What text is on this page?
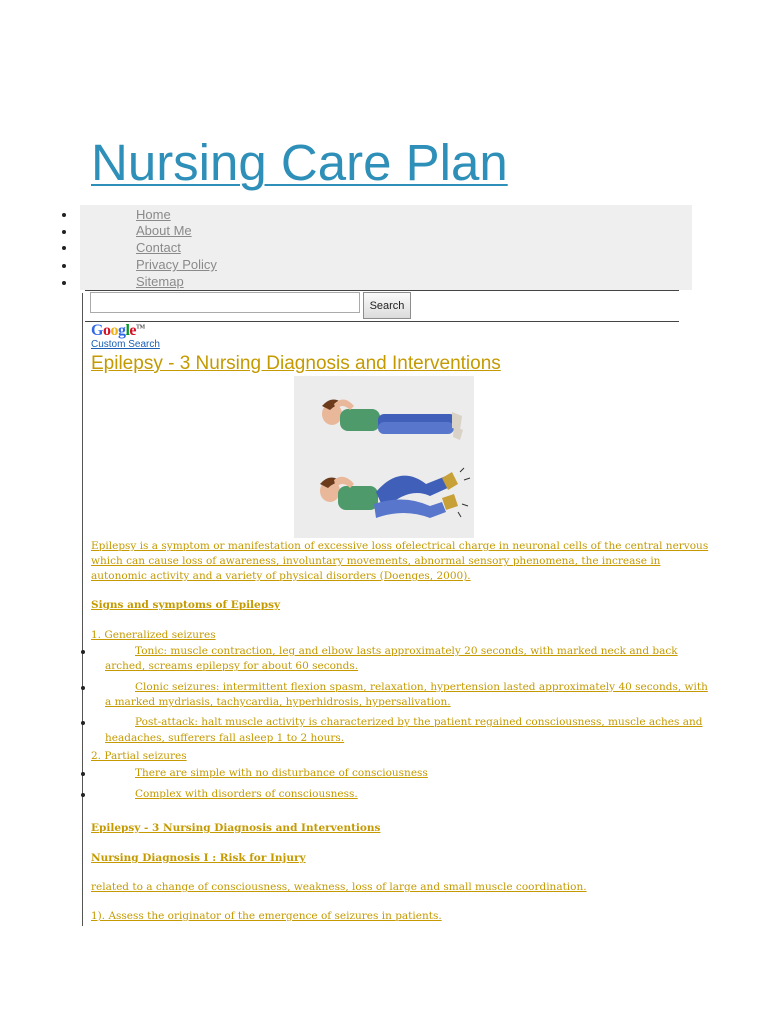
Nursing Care Plan
Home
About Me
Contact
Privacy Policy
Sitemap
Search
Google™
Custom Search
Epilepsy - 3 Nursing Diagnosis and Interventions
Epilepsy is a symptom or manifestation of excessive loss ofelectrical charge in neuronal cells of the central nervous
which can cause loss of awareness, involuntary movements, abnormal sensory phenomena, the increase in
autonomic activity and a variety of physical disorders (Doenges, 2000).
Signs and symptoms of Epilepsy
1. Generalized seizures
Tonic: muscle contraction, leg and elbow lasts approximately 20 seconds, with marked neck and back
arched, screams epilepsy for about 60 seconds.
Clonic seizures: intermittent flexion spasm, relaxation, hypertension lasted approximately 40 seconds, with
a marked mydriasis, tachycardia, hyperhidrosis, hypersalivation.
Post-attack: halt muscle activity is characterized by the patient regained consciousness, muscle aches and
headaches, sufferers fall asleep 1 to 2 hours.
2. Partial seizures
There are simple with no disturbance of consciousness
Complex with disorders of consciousness.
Epilepsy - 3 Nursing Diagnosis and Interventions
Nursing Diagnosis I : Risk for Injury
related to a change of consciousness, weakness, loss of large and small muscle coordination.
1). Assess the originator of the emergence of seizures in patients.
